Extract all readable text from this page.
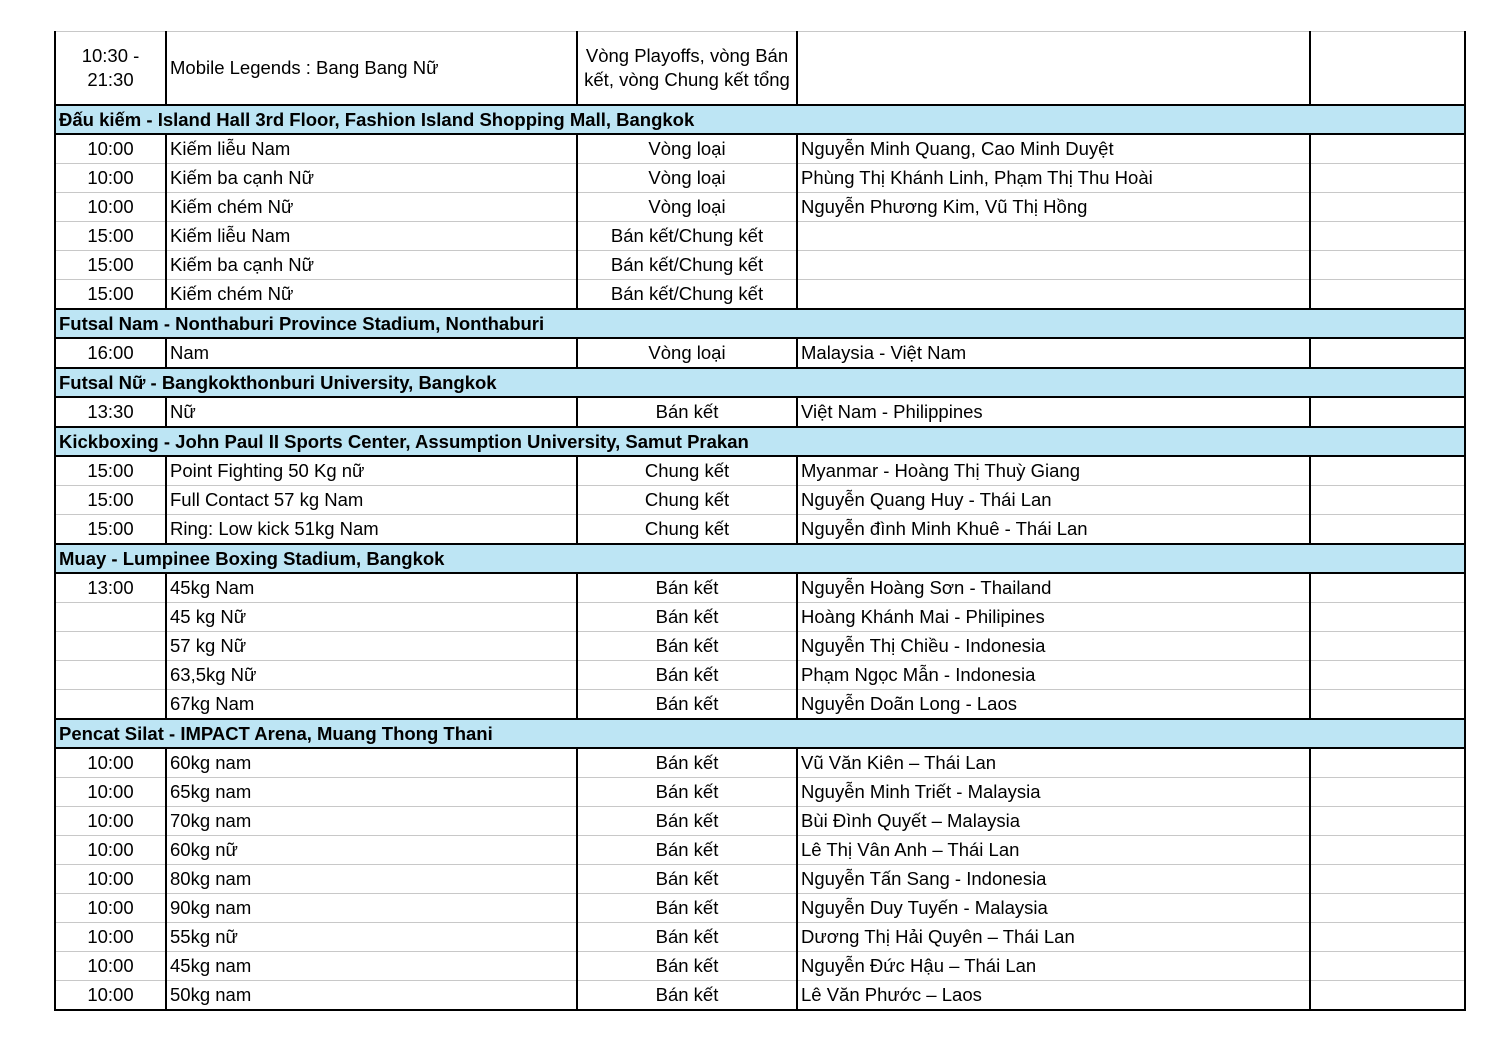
10:30 - 21:30	Mobile Legends : Bang Bang Nữ	Vòng Playoffs, vòng Bán kết, vòng Chung kết tổng		
Đấu kiếm - Island Hall 3rd Floor, Fashion Island Shopping Mall, Bangkok				
10:00	Kiếm liễu Nam	Vòng loại	Nguyễn Minh Quang, Cao Minh Duyệt	
10:00	Kiếm ba cạnh Nữ	Vòng loại	Phùng Thị Khánh Linh, Phạm Thị Thu Hoài	
10:00	Kiếm chém Nữ	Vòng loại	Nguyễn Phương Kim, Vũ Thị Hồng	
15:00	Kiếm liễu Nam	Bán kết/Chung kết		
15:00	Kiếm ba cạnh Nữ	Bán kết/Chung kết		
15:00	Kiếm chém Nữ	Bán kết/Chung kết		
Futsal Nam - Nonthaburi Province Stadium, Nonthaburi				
16:00	Nam	Vòng loại	Malaysia - Việt Nam	
Futsal Nữ - Bangkokthonburi University, Bangkok				
13:30	Nữ	Bán kết	Việt Nam - Philippines	
Kickboxing - John Paul II Sports Center, Assumption University, Samut Prakan				
15:00	Point Fighting 50 Kg nữ	Chung kết	Myanmar - Hoàng Thị Thuỳ Giang	
15:00	Full Contact 57 kg Nam	Chung kết	Nguyễn Quang Huy - Thái Lan	
15:00	Ring: Low kick 51kg Nam	Chung kết	Nguyễn đình Minh Khuê - Thái Lan	
Muay - Lumpinee Boxing Stadium, Bangkok				
13:00	45kg Nam	Bán kết	Nguyễn Hoàng Sơn - Thailand	
	45 kg Nữ	Bán kết	Hoàng Khánh Mai - Philipines	
	57 kg Nữ	Bán kết	Nguyễn Thị Chiều - Indonesia	
	63,5kg Nữ	Bán kết	Phạm Ngọc Mẫn - Indonesia	
	67kg Nam	Bán kết	Nguyễn Doãn Long - Laos	
Pencat Silat - IMPACT Arena, Muang Thong Thani				
10:00	60kg nam	Bán kết	Vũ Văn Kiên – Thái Lan	
10:00	65kg nam	Bán kết	Nguyễn Minh Triết - Malaysia	
10:00	70kg nam	Bán kết	Bùi Đình Quyết – Malaysia	
10:00	60kg nữ	Bán kết	Lê Thị Vân Anh – Thái Lan	
10:00	80kg nam	Bán kết	Nguyễn Tấn Sang - Indonesia	
10:00	90kg nam	Bán kết	Nguyễn Duy Tuyến - Malaysia	
10:00	55kg nữ	Bán kết	Dương Thị Hải Quyên – Thái Lan	
10:00	45kg nam	Bán kết	Nguyễn Đức Hậu – Thái Lan	
10:00	50kg nam	Bán kết	Lê Văn Phước – Laos	
